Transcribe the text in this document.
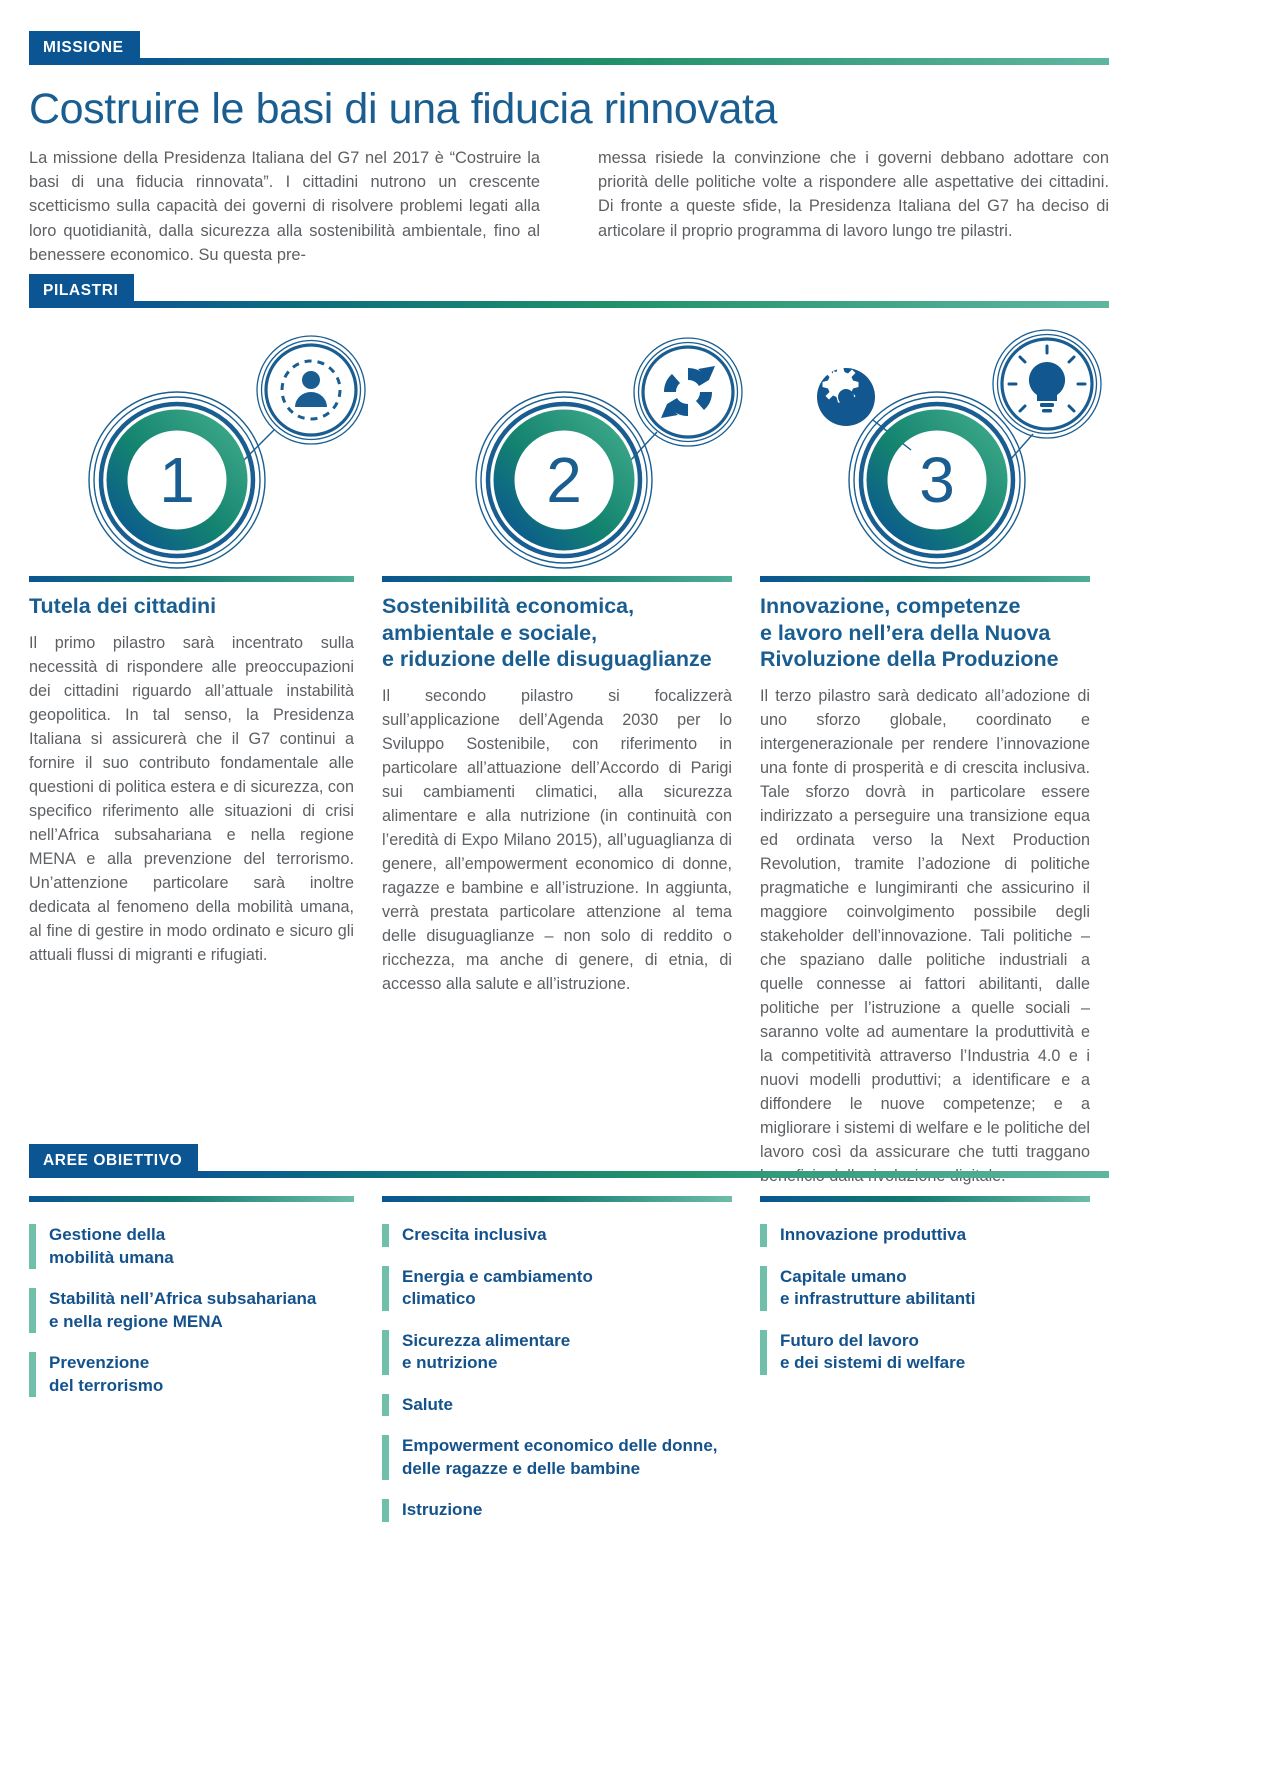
MISSIONE
Costruire le basi di una fiducia rinnovata
La missione della Presidenza Italiana del G7 nel 2017 è “Costruire la basi di una fiducia rinnovata”. I cittadini nutrono un crescente scetticismo sulla capacità dei governi di risolvere problemi legati alla loro quotidianità, dalla sicurezza alla sostenibilità ambientale, fino al benessere economico. Su questa pre-
messa risiede la convinzione che i governi debbano adottare con priorità delle politiche volte a rispondere alle aspettative dei cittadini. Di fronte a queste sfide, la Presidenza Italiana del G7 ha deciso di articolare il proprio programma di lavoro lungo tre pilastri.
PILASTRI
1	2	3
Tutela dei cittadini
Il primo pilastro sarà incentrato sulla necessità di rispondere alle preoccupazioni dei cittadini riguardo all’attuale instabilità geopolitica. In tal senso, la Presidenza Italiana si assicurerà che il G7 continui a fornire il suo contributo fondamentale alle questioni di politica estera e di sicurezza, con specifico riferimento alle situazioni di crisi nell’Africa subsahariana e nella regione MENA e alla prevenzione del terrorismo. Un’attenzione particolare sarà inoltre dedicata al fenomeno della mobilità umana, al fine di gestire in modo ordinato e sicuro gli attuali flussi di migranti e rifugiati.
Sostenibilità economica,
ambientale e sociale,
e riduzione delle disuguaglianze
Il secondo pilastro si focalizzerà sull’applicazione dell’Agenda 2030 per lo Sviluppo Sostenibile, con riferimento in particolare all’attuazione dell’Accordo di Parigi sui cambiamenti climatici, alla sicurezza alimentare e alla nutrizione (in continuità con l’eredità di Expo Milano 2015), all’uguaglianza di genere, all’empowerment economico di donne, ragazze e bambine e all’istruzione. In aggiunta, verrà prestata particolare attenzione al tema delle disuguaglianze – non solo di reddito o ricchezza, ma anche di genere, di etnia, di accesso alla salute e all’istruzione.
Innovazione, competenze
e lavoro nell’era della Nuova
Rivoluzione della Produzione
Il terzo pilastro sarà dedicato all’adozione di uno sforzo globale, coordinato e intergenerazionale per rendere l’innovazione una fonte di prosperità e di crescita inclusiva. Tale sforzo dovrà in particolare essere indirizzato a perseguire una transizione equa ed ordinata verso la Next Production Revolution, tramite l’adozione di politiche pragmatiche e lungimiranti che assicurino il maggiore coinvolgimento possibile degli stakeholder dell’innovazione. Tali politiche – che spaziano dalle politiche industriali a quelle connesse ai fattori abilitanti, dalle politiche per l’istruzione a quelle sociali – saranno volte ad aumentare la produttività e la competitività attraverso l’Industria 4.0 e i nuovi modelli produttivi; a identificare e a diffondere le nuove competenze; e a migliorare i sistemi di welfare e le politiche del lavoro così da assicurare che tutti traggano
AREE OBIETTIVO
Gestione della
mobilità umana
Stabilità nell’Africa subsahariana
e nella regione MENA
Prevenzione
del terrorismo
Crescita inclusiva
Energia e cambiamento
climatico
Sicurezza alimentare
e nutrizione
Salute
Empowerment economico delle donne,
delle ragazze e delle bambine
Istruzione
Innovazione produttiva
Capitale umano
e infrastrutture abilitanti
Futuro del lavoro
e dei sistemi di welfare
